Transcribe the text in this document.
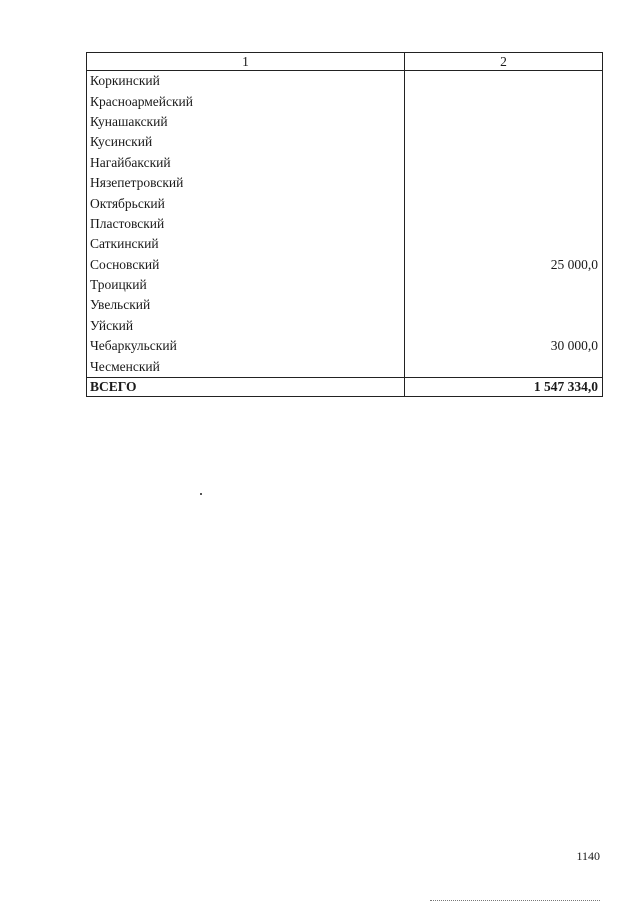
1	2
Коркинский	
Красноармейский	
Кунашакский	
Кусинский	
Нагайбакский	
Нязепетровский	
Октябрьский	
Пластовский	
Саткинский	
Сосновский	25 000,0
Троицкий	
Увельский	
Уйский	
Чебаркульский	30 000,0
Чесменский	
ВСЕГО	1 547 334,0
1140
